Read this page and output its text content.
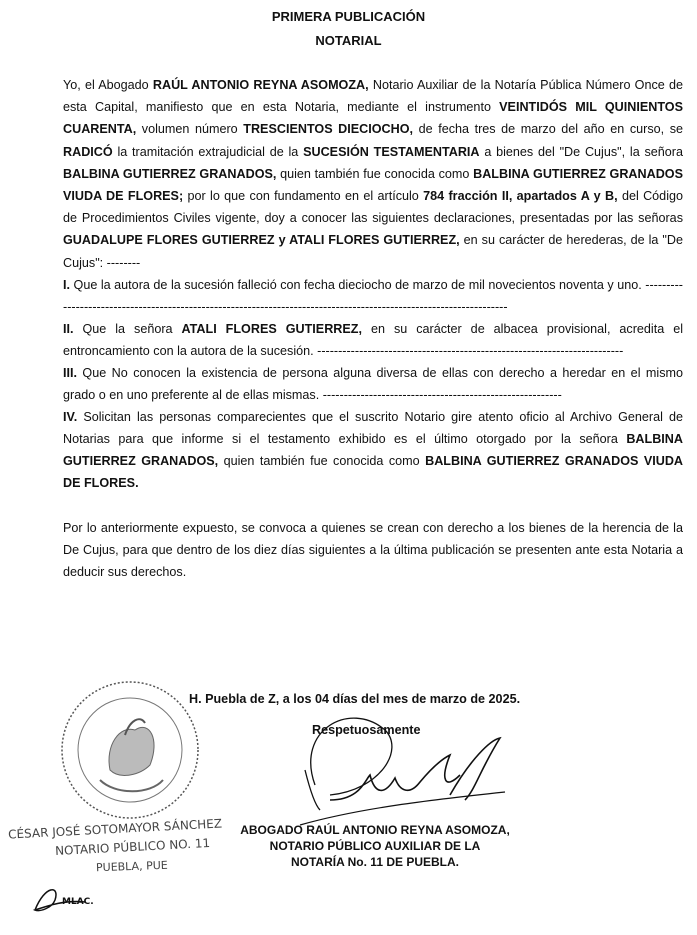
PRIMERA PUBLICACIÓN
NOTARIAL

Yo, el Abogado RAÚL ANTONIO REYNA ASOMOZA, Notario Auxiliar de la Notaría Pública Número Once de esta Capital, manifiesto que en esta Notaria, mediante el instrumento VEINTIDÓS MIL QUINIENTOS CUARENTA, volumen número TRESCIENTOS DIECIOCHO, de fecha tres de marzo del año en curso, se RADICÓ la tramitación extrajudicial de la SUCESIÓN TESTAMENTARIA a bienes del "De Cujus", la señora BALBINA GUTIERREZ GRANADOS, quien también fue conocida como BALBINA GUTIERREZ GRANADOS VIUDA DE FLORES; por lo que con fundamento en el artículo 784 fracción II, apartados A y B, del Código de Procedimientos Civiles vigente, doy a conocer las siguientes declaraciones, presentadas por las señoras GUADALUPE FLORES GUTIERREZ y ATALI FLORES GUTIERREZ, en su carácter de herederas, de la "De Cujus": --------

I. Que la autora de la sucesión falleció con fecha dieciocho de marzo de mil novecientos noventa y uno. -------------------------------------------------------------------------------------------------------------------

II. Que la señora ATALI FLORES GUTIERREZ, en su carácter de albacea provisional, acredita el entroncamiento con la autora de la sucesión. -------------------------------------------------------------------------

III. Que No conocen la existencia de persona alguna diversa de ellas con derecho a heredar en el mismo grado o en uno preferente al de ellas mismas. ---------------------------------------------------------

IV. Solicitan las personas comparecientes que el suscrito Notario gire atento oficio al Archivo General de Notarias para que informe si el testamento exhibido es el último otorgado por la señora BALBINA GUTIERREZ GRANADOS, quien también fue conocida como BALBINA GUTIERREZ GRANADOS VIUDA DE FLORES.

Por lo anteriormente expuesto, se convoca a quienes se crean con derecho a los bienes de la herencia de la De Cujus, para que dentro de los diez días siguientes a la última publicación se presenten ante esta Notaria a deducir sus derechos.

H. Puebla de Z, a los 04 días del mes de marzo de 2025.
Respetuosamente
CÉSAR JOSÉ SOTOMAYOR SÁNCHEZ
NOTARIO PÚBLICO NO. 11
PUEBLA, PUE
ABOGADO RAÚL ANTONIO REYNA ASOMOZA,
NOTARIO PÚBLICO AUXILIAR DE LA
NOTARÍA No. 11 DE PUEBLA.
MLAC.
